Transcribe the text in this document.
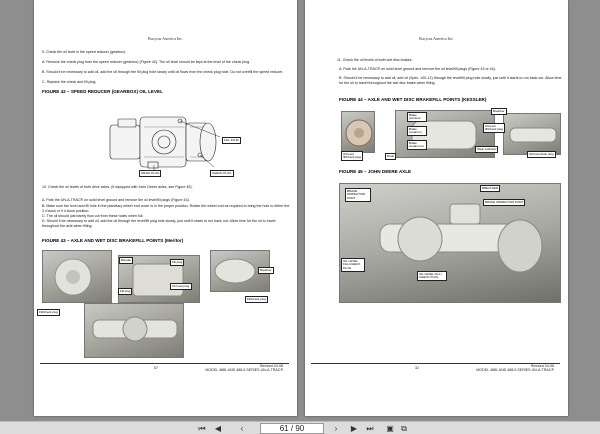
Bucyrus America Inc.
9. Check the oil level in the speed reducer (gearbox).
A. Remove the check plug from the speed reducer (gearbox) (Figure 42). The oil level should be kept at the level of the check plug.
B. Should it be necessary to add oil, add the oil through the fill plug hole slowly until oil flows from the check plug hole. Do not overfill the speed reducer.
C. Replace the check and fill plug.
FIGURE 42 – SPEED REDUCER (GEARBOX) OIL LEVEL
FILL PLUG
DRAIN PLUG	CHECK PLUG
10. Check the oil levels of both drive axles. (If equipped with John Deere axles, see Figure 45).
A. Park the UN-A-TRAC® on solid level ground and remove the oil level/fill plugs (Figure 43).
B. Make sure the level and fill hole in the planetary wheel end cover is in the proper position. Rotate the wheel end as required to bring the hole to either the 3 o'clock or 9 o'clock position.
C. The oil should just barely flow out from these holes when full.
D. Should it be necessary to add oil, add the oil through the level/fill plug hole slowly, just until it starts to run back out. Allow time for the oil to travel throughout the axle when filling.
FIGURE 43 – AXLE AND WET DISC BRAKEFILL POINTS (Meritor)
Bleeder	Fill plug
Fill plug
Oil level plug
Breather
Fill/check plug
Fill/check plug
57	Revised 04-08
MODEL 488L AND 488-5 SERIES UN-A-TRAC®
Bucyrus America Inc.
11. Check the oil levels of both wet disc brakes.
A. Park the UN-A-TRAC® on solid level ground and remove the oil level/fill plugs (Figure 43 or 44).
B. Should it be necessary to add oil, add oil (Spec. 100-12) through the level/fill plug hole slowly, just until it starts to run back out. Allow time for the oil to travel throughout the wet disc brake when filling.
FIGURE 44 – AXLE AND WET DISC BRAKEFILL POINTS (KESSLER)
Brake pressure
Breather
Brake coolant in
Brake coolant out
Oil level fill/check plug
Wear indicator
Oil level fill/check plug	Drain	Oil level drain plug
FIGURE 45 – JOHN DEERE AXLE
BRAKE INSPECTION PORT
BREATHER
BRAKE INSPECTION PORT
OIL LEVEL FILL/CHECK PLUG
OIL LEVEL FILL / CHECK PLUG
32	Revised 04-08
MODEL 488L AND 488-5 SERIES UN-A-TRAC®
⏮	◀	‹	61 / 90	›	▶	⏭	▣ ⧉
